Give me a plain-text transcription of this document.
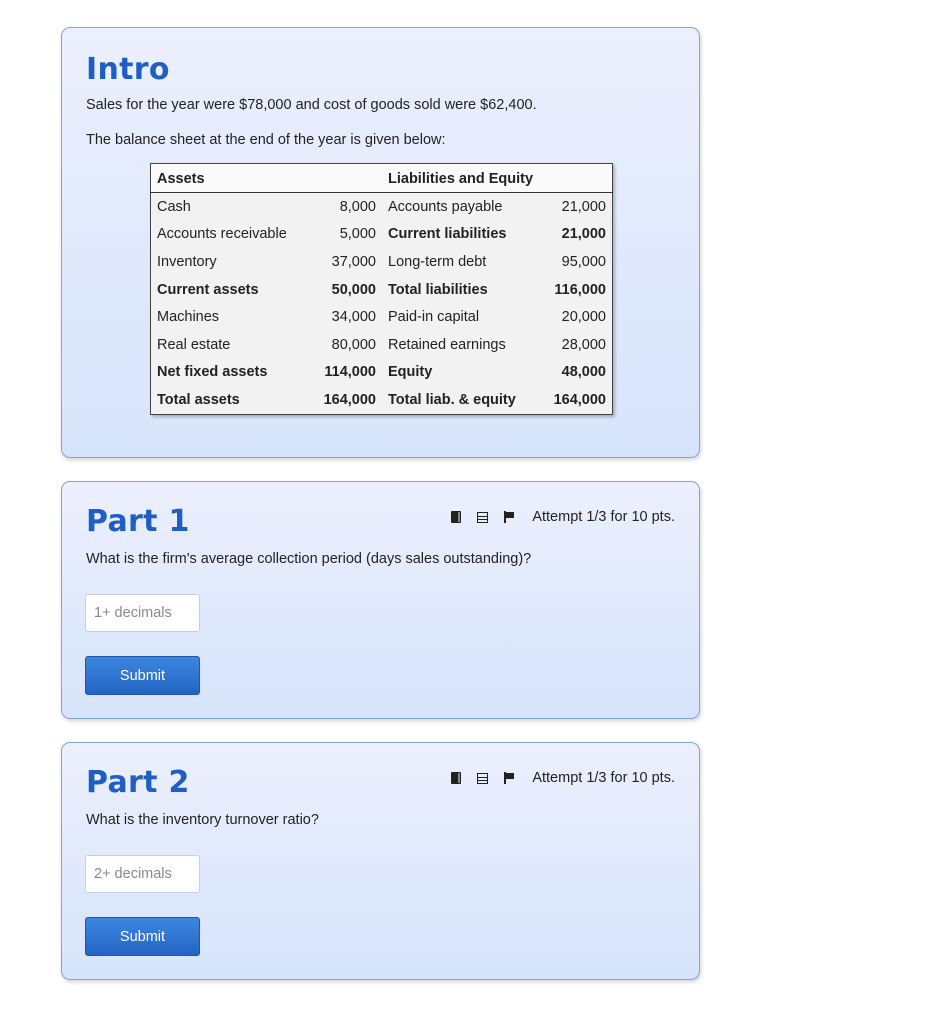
Intro

Sales for the year were $78,000 and cost of goods sold were $62,400.

The balance sheet at the end of the year is given below:

Assets		Liabilities and Equity	
Cash	8,000	Accounts payable	21,000
Accounts receivable	5,000	Current liabilities	21,000
Inventory	37,000	Long-term debt	95,000
Current assets	50,000	Total liabilities	116,000
Machines	34,000	Paid-in capital	20,000
Real estate	80,000	Retained earnings	28,000
Net fixed assets	114,000	Equity	48,000
Total assets	164,000	Total liab. & equity	164,000
Part 1	Attempt 1/3 for 10 pts.

What is the firm's average collection period (days sales outstanding)?

1+ decimals
Submit
Part 2	Attempt 1/3 for 10 pts.

What is the inventory turnover ratio?

2+ decimals
Submit
